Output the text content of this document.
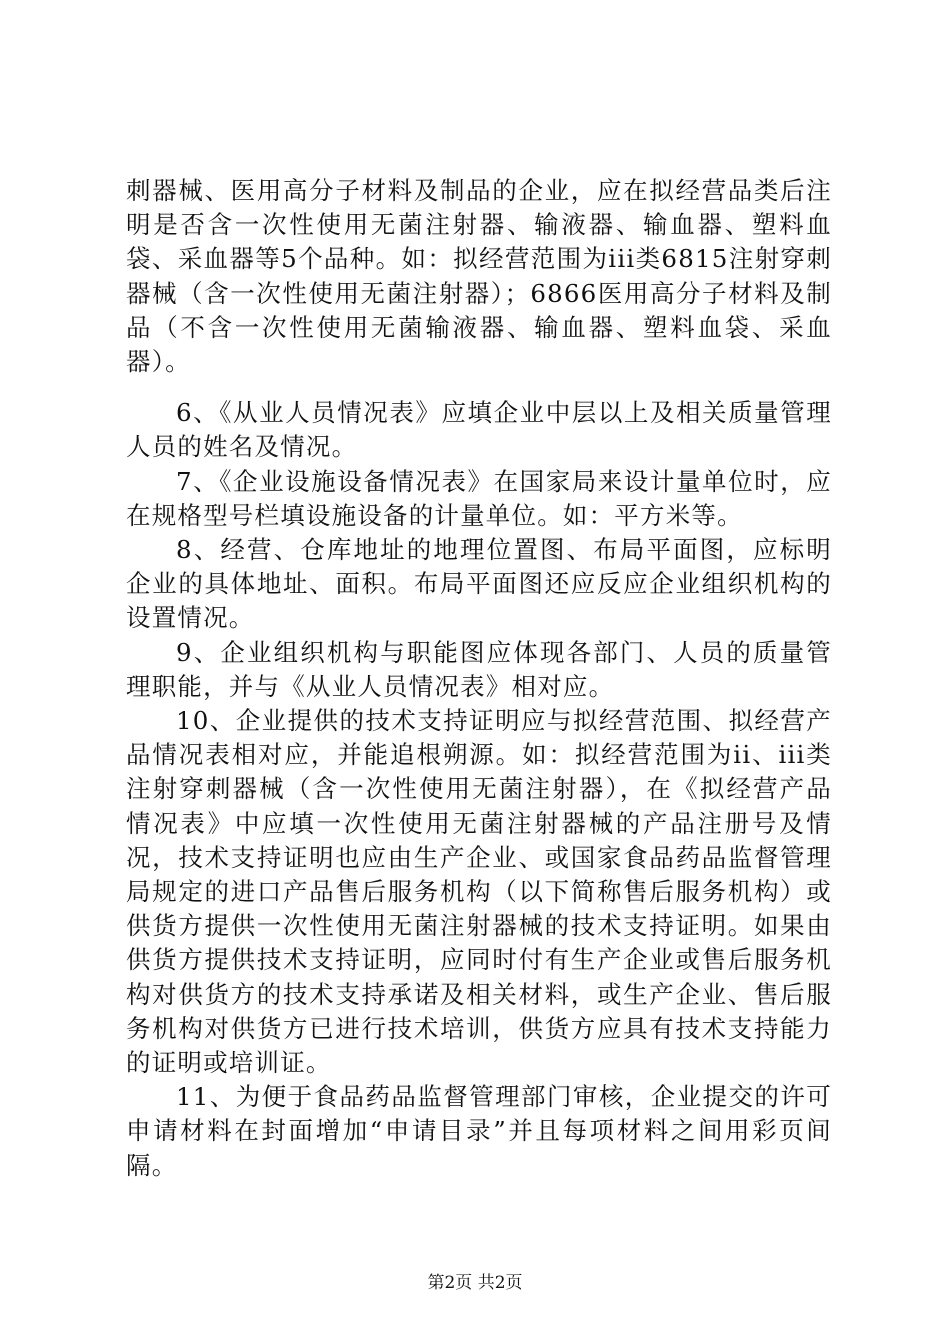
刺器械、医用高分子材料及制品的企业，应在拟经营品类后注明是否含一次性使用无菌注射器、输液器、输血器、塑料血袋、采血器等5个品种。如：拟经营范围为iii类6815注射穿刺器械（含一次性使用无菌注射器）；6866医用高分子材料及制品（不含一次性使用无菌输液器、输血器、塑料血袋、采血器）。

6、《从业人员情况表》应填企业中层以上及相关质量管理人员的姓名及情况。

7、《企业设施设备情况表》在国家局来设计量单位时，应在规格型号栏填设施设备的计量单位。如：平方米等。

8、经营、仓库地址的地理位置图、布局平面图，应标明企业的具体地址、面积。布局平面图还应反应企业组织机构的设置情况。

9、企业组织机构与职能图应体现各部门、人员的质量管理职能，并与《从业人员情况表》相对应。

10、企业提供的技术支持证明应与拟经营范围、拟经营产品情况表相对应，并能追根朔源。如：拟经营范围为ii、iii类注射穿刺器械（含一次性使用无菌注射器），在《拟经营产品情况表》中应填一次性使用无菌注射器械的产品注册号及情况，技术支持证明也应由生产企业、或国家食品药品监督管理局规定的进口产品售后服务机构（以下简称售后服务机构）或供货方提供一次性使用无菌注射器械的技术支持证明。如果由供货方提供技术支持证明，应同时付有生产企业或售后服务机构对供货方的技术支持承诺及相关材料，或生产企业、售后服务机构对供货方已进行技术培训，供货方应具有技术支持能力的证明或培训证。

11、为便于食品药品监督管理部门审核，企业提交的许可申请材料在封面增加“申请目录”并且每项材料之间用彩页间隔。

第2页 共2页
